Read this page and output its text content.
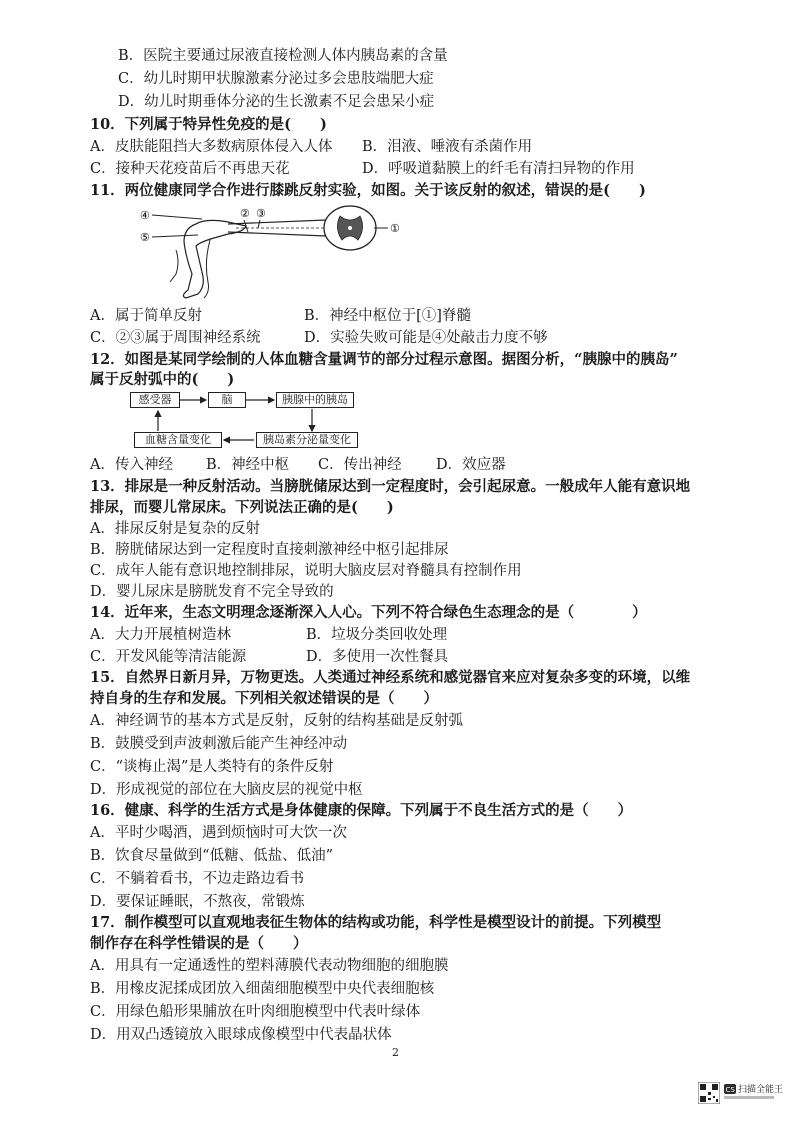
B．医院主要通过尿液直接检测人体内胰岛素的含量
C．幼儿时期甲状腺激素分泌过多会患肢端肥大症
D．幼儿时期垂体分泌的生长激素不足会患呆小症
10．下列属于特异性免疫的是(　　)
A．皮肤能阻挡大多数病原体侵入人体 B．泪液、唾液有杀菌作用
C．接种天花疫苗后不再患天花	D．呼吸道黏膜上的纤毛有清扫异物的作用
11．两位健康同学合作进行膝跳反射实验，如图。关于该反射的叙述，错误的是(　　)
④
⑤
② ③
①
A．属于简单反射	B．神经中枢位于[①]脊髓
C．②③属于周围神经系统	D．实验失败可能是④处敲击力度不够
12．如图是某同学绘制的人体血糖含量调节的部分过程示意图。据图分析，“胰腺中的胰岛”
属于反射弧中的(　　)
感受器	脑	胰腺中的胰岛
胰岛素分泌量变化
血糖含量变化
A．传入神经 B．神经中枢 C．传出神经 D．效应器
13．排尿是一种反射活动。当膀胱储尿达到一定程度时，会引起尿意。一般成年人能有意识地
排尿，而婴儿常尿床。下列说法正确的是(　　)
A．排尿反射是复杂的反射
B．膀胱储尿达到一定程度时直接刺激神经中枢引起排尿
C．成年人能有意识地控制排尿，说明大脑皮层对脊髓具有控制作用
D．婴儿尿床是膀胱发育不完全导致的
14．近年来，生态文明理念逐渐深入人心。下列不符合绿色生态理念的是（　　　　）
A．大力开展植树造林	B．垃圾分类回收处理
C．开发风能等清洁能源	D．多使用一次性餐具
15．自然界日新月异，万物更迭。人类通过神经系统和感觉器官来应对复杂多变的环境，以维
持自身的生存和发展。下列相关叙述错误的是（　　）
A．神经调节的基本方式是反射，反射的结构基础是反射弧
B．鼓膜受到声波刺激后能产生神经冲动
C．“谈梅止渴”是人类特有的条件反射
D．形成视觉的部位在大脑皮层的视觉中枢
16．健康、科学的生活方式是身体健康的保障。下列属于不良生活方式的是（　　）
A．平时少喝酒，遇到烦恼时可大饮一次
B．饮食尽量做到“低糖、低盐、低油”
C．不躺着看书，不边走路边看书
D．要保证睡眠，不熬夜，常锻炼
17．制作模型可以直观地表征生物体的结构或功能，科学性是模型设计的前提。下列模型
制作存在科学性错误的是（　　）
A．用具有一定通透性的塑料薄膜代表动物细胞的细胞膜
B．用橡皮泥揉成团放入细菌细胞模型中央代表细胞核
C．用绿色船形果脯放在叶肉细胞模型中代表叶绿体
D．用双凸透镜放入眼球成像模型中代表晶状体
2
CS 扫描全能王
